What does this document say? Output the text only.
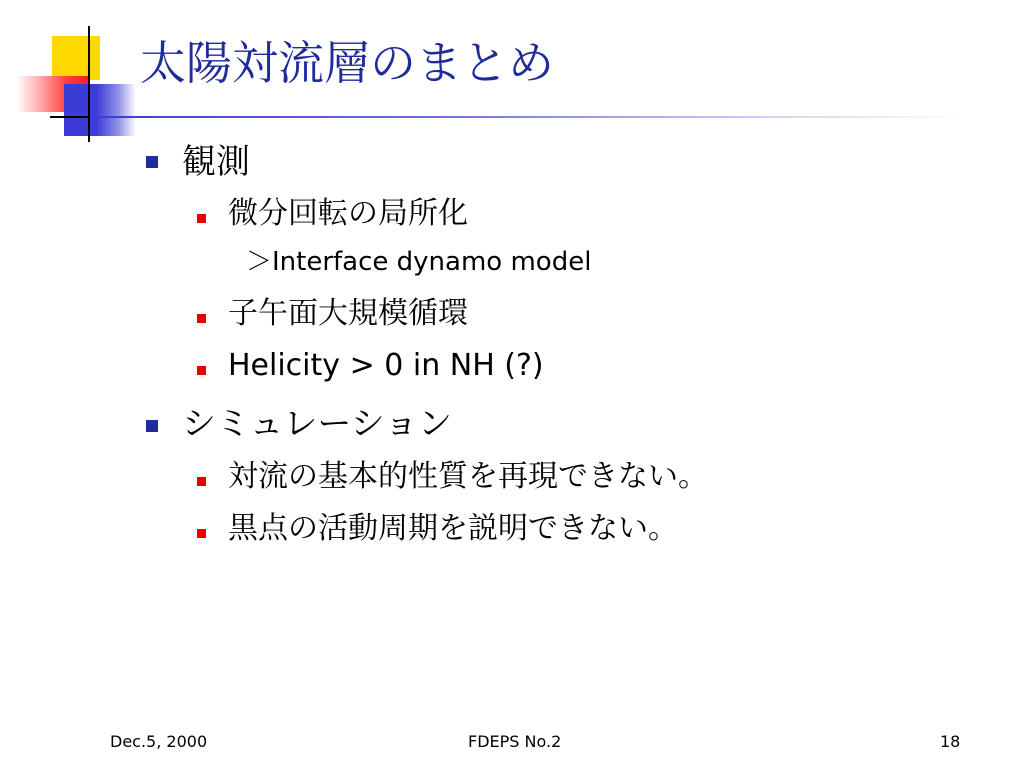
太陽対流層のまとめ
観測
微分回転の局所化
＞Interface dynamo model
子午面大規模循環
Helicity > 0 in NH (?)
シミュレーション
対流の基本的性質を再現できない。
黒点の活動周期を説明できない。
Dec.5, 2000	FDEPS No.2	18
